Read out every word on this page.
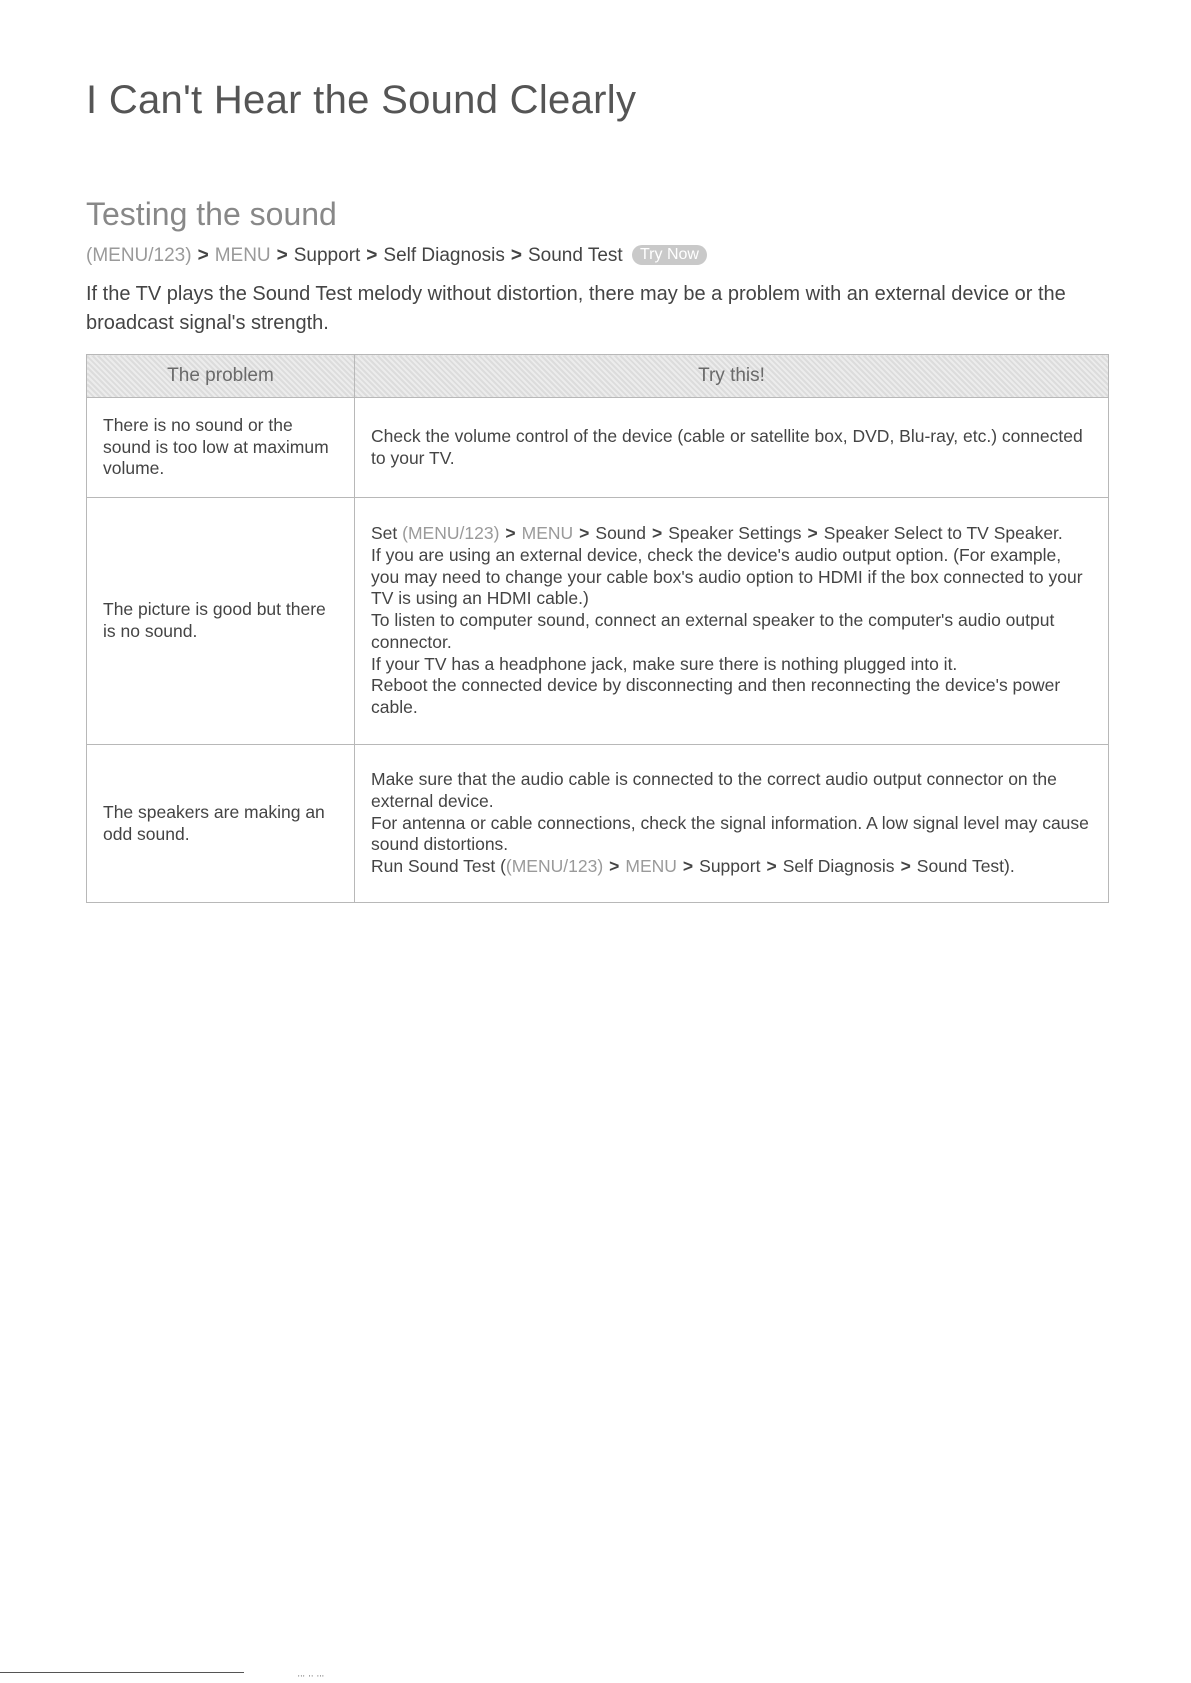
I Can't Hear the Sound Clearly
Testing the sound
(MENU/123) > MENU > Support > Self Diagnosis > Sound Test Try Now

If the TV plays the Sound Test melody without distortion, there may be a problem with an external device or the broadcast signal's strength.

The problem	Try this!
There is no sound or the sound is too low at maximum volume.	Check the volume control of the device (cable or satellite box, DVD, Blu-ray, etc.) connected to your TV.
The picture is good but there is no sound.	Set (MENU/123) > MENU > Sound > Speaker Settings > Speaker Select to TV Speaker.
If you are using an external device, check the device's audio output option. (For example, you may need to change your cable box's audio option to HDMI if the box connected to your TV is using an HDMI cable.)
To listen to computer sound, connect an external speaker to the computer's audio output connector.
If your TV has a headphone jack, make sure there is nothing plugged into it.
Reboot the connected device by disconnecting and then reconnecting the device's power cable.

The speakers are making an odd sound.	Make sure that the audio cable is connected to the correct audio output connector on the external device.
For antenna or cable connections, check the signal information. A low signal level may cause sound distortions.
Run Sound Test ((MENU/123) > MENU > Support > Self Diagnosis > Sound Test).
''' '' '''
